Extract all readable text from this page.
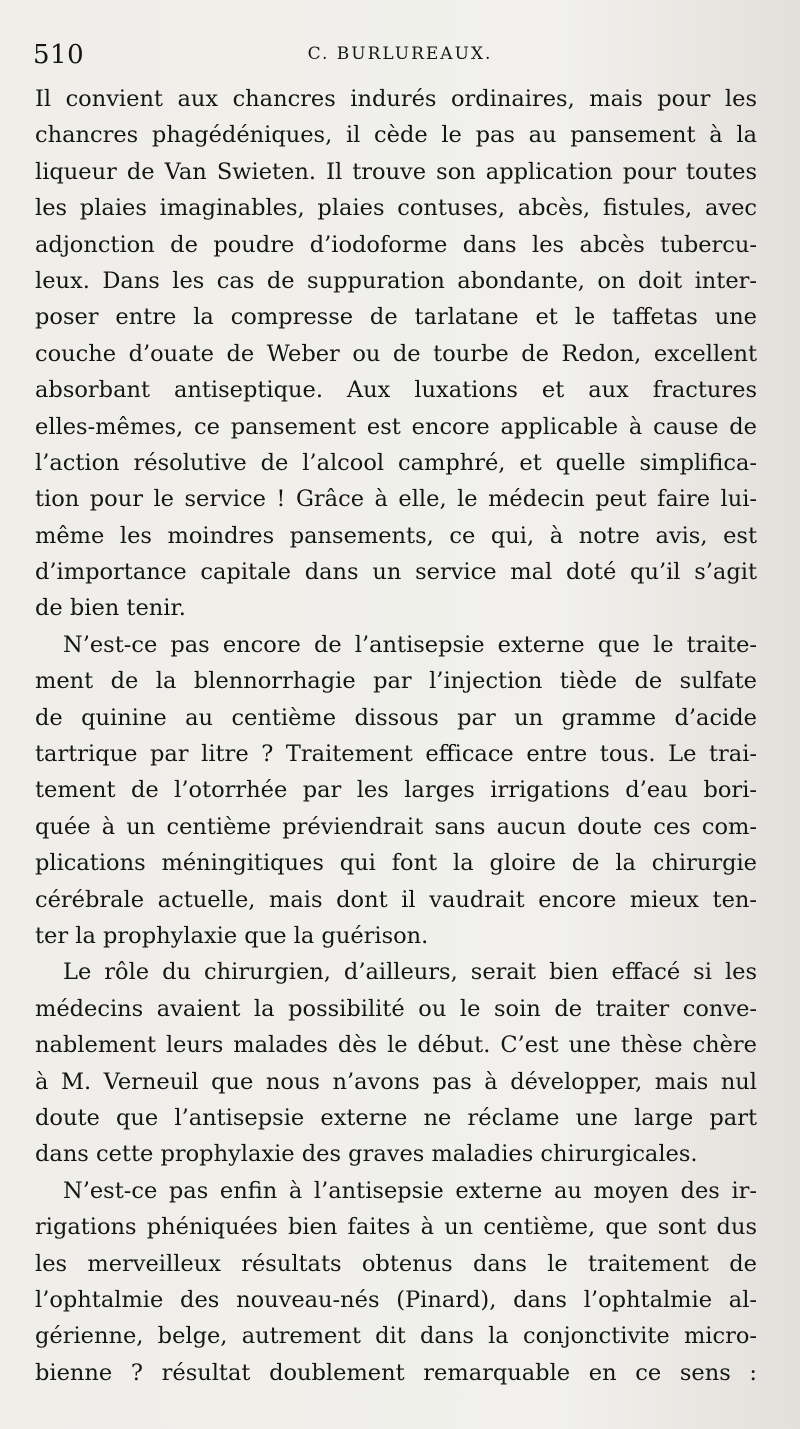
510	C. BURLUREAUX.
Il convient aux chancres indurés ordinaires, mais pour les
chancres phagédéniques, il cède le pas au pansement à la
liqueur de Van Swieten. Il trouve son application pour toutes
les plaies imaginables, plaies contuses, abcès, fistules, avec
adjonction de poudre d’iodoforme dans les abcès tubercu-
leux. Dans les cas de suppuration abondante, on doit inter-
poser entre la compresse de tarlatane et le taffetas une
couche d’ouate de Weber ou de tourbe de Redon, excellent
absorbant antiseptique. Aux luxations et aux fractures
elles-mêmes, ce pansement est encore applicable à cause de
l’action résolutive de l’alcool camphré, et quelle simplifica-
tion pour le service ! Grâce à elle, le médecin peut faire lui-
même les moindres pansements, ce qui, à notre avis, est
d’importance capitale dans un service mal doté qu’il s’agit
de bien tenir.
N’est-ce pas encore de l’antisepsie externe que le traite-
ment de la blennorrhagie par l’injection tiède de sulfate
de quinine au centième dissous par un gramme d’acide
tartrique par litre ? Traitement efficace entre tous. Le trai-
tement de l’otorrhée par les larges irrigations d’eau bori-
quée à un centième préviendrait sans aucun doute ces com-
plications méningitiques qui font la gloire de la chirurgie
cérébrale actuelle, mais dont il vaudrait encore mieux ten-
ter la prophylaxie que la guérison.
Le rôle du chirurgien, d’ailleurs, serait bien effacé si les
médecins avaient la possibilité ou le soin de traiter conve-
nablement leurs malades dès le début. C’est une thèse chère
à M. Verneuil que nous n’avons pas à développer, mais nul
doute que l’antisepsie externe ne réclame une large part
dans cette prophylaxie des graves maladies chirurgicales.
N’est-ce pas enfin à l’antisepsie externe au moyen des ir-
rigations phéniquées bien faites à un centième, que sont dus
les merveilleux résultats obtenus dans le traitement de
l’ophtalmie des nouveau-nés (Pinard), dans l’ophtalmie al-
gérienne, belge, autrement dit dans la conjonctivite micro-
bienne ? résultat doublement remarquable en ce sens :
